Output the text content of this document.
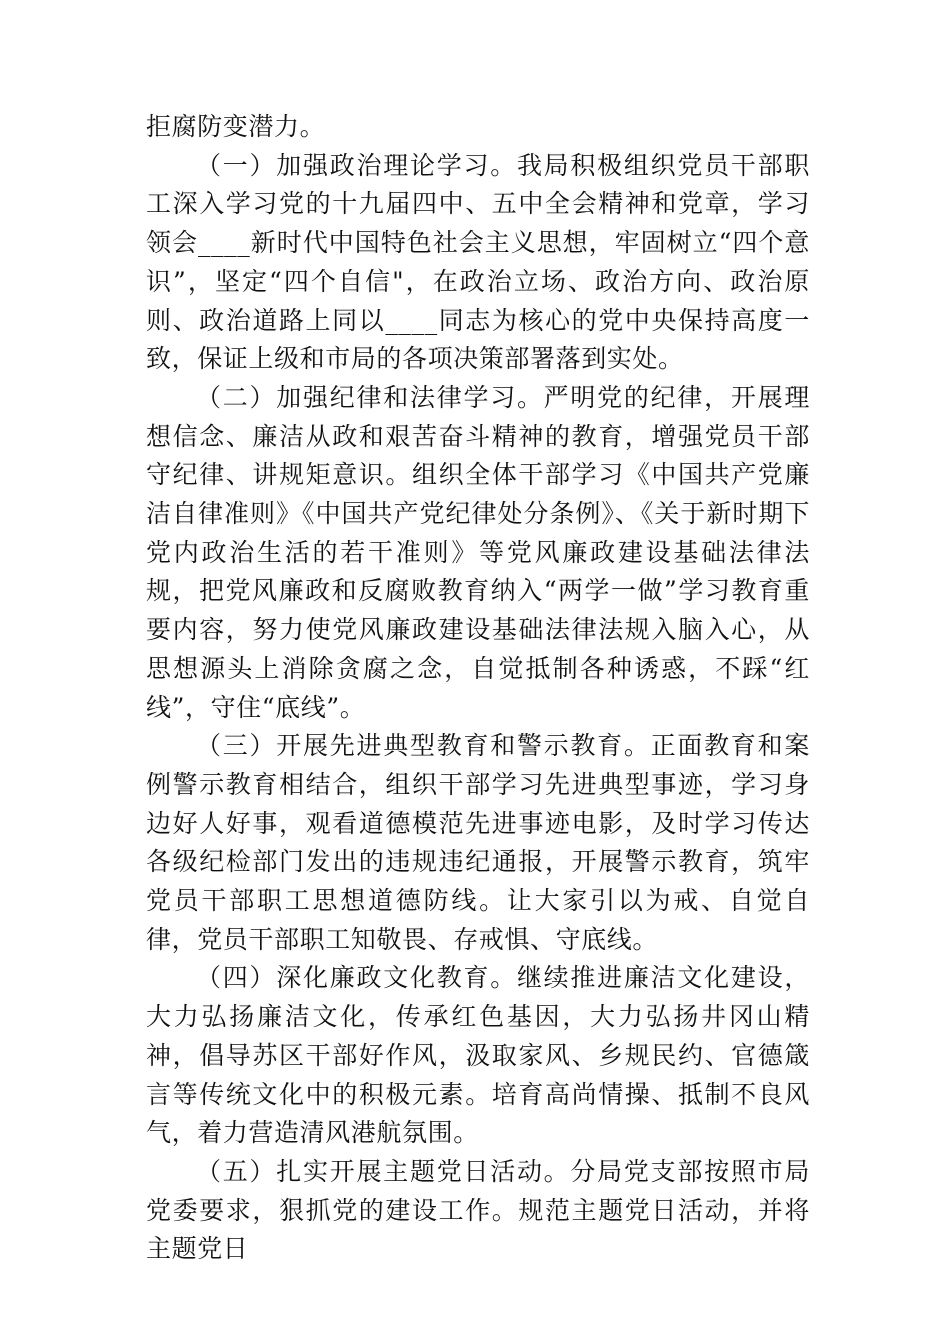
拒腐防变潜力。

（一）加强政治理论学习。我局积极组织党员干部职工深入学习党的十九届四中、五中全会精神和党章，学习领会____新时代中国特色社会主义思想，牢固树立“四个意识”，坚定“四个自信"，在政治立场、政治方向、政治原则、政治道路上同以____同志为核心的党中央保持高度一致，保证上级和市局的各项决策部署落到实处。

（二）加强纪律和法律学习。严明党的纪律，开展理想信念、廉洁从政和艰苦奋斗精神的教育，增强党员干部守纪律、讲规矩意识。组织全体干部学习《中国共产党廉洁自律准则》《中国共产党纪律处分条例》、《关于新时期下党内政治生活的若干准则》等党风廉政建设基础法律法规，把党风廉政和反腐败教育纳入“两学一做”学习教育重要内容，努力使党风廉政建设基础法律法规入脑入心，从思想源头上消除贪腐之念，自觉抵制各种诱惑，不踩“红线”，守住“底线”。

（三）开展先进典型教育和警示教育。正面教育和案例警示教育相结合，组织干部学习先进典型事迹，学习身边好人好事，观看道德模范先进事迹电影，及时学习传达各级纪检部门发出的违规违纪通报，开展警示教育，筑牢党员干部职工思想道德防线。让大家引以为戒、自觉自律，党员干部职工知敬畏、存戒惧、守底线。

（四）深化廉政文化教育。继续推进廉洁文化建设，大力弘扬廉洁文化，传承红色基因，大力弘扬井冈山精神，倡导苏区干部好作风，汲取家风、乡规民约、官德箴言等传统文化中的积极元素。培育高尚情操、抵制不良风气，着力营造清风港航氛围。

（五）扎实开展主题党日活动。分局党支部按照市局党委要求，狠抓党的建设工作。规范主题党日活动，并将主题党日
